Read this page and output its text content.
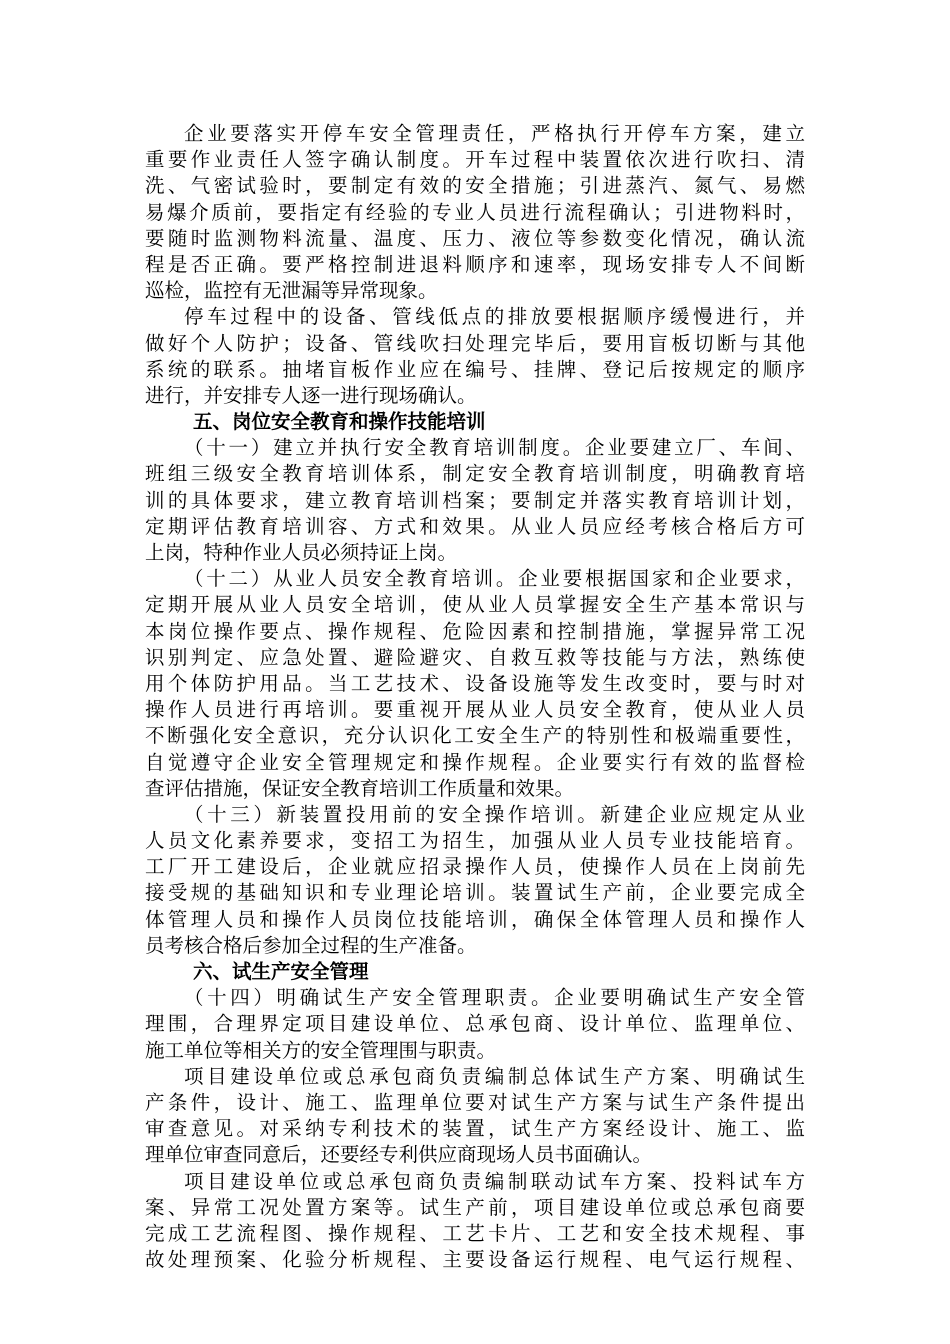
企业要落实开停车安全管理责任，严格执行开停车方案，建立
重要作业责任人签字确认制度。开车过程中装置依次进行吹扫、清
洗、气密试验时，要制定有效的安全措施；引进蒸汽、氮气、易燃
易爆介质前，要指定有经验的专业人员进行流程确认；引进物料时，
要随时监测物料流量、温度、压力、液位等参数变化情况，确认流
程是否正确。要严格控制进退料顺序和速率，现场安排专人不间断
巡检，监控有无泄漏等异常现象。
停车过程中的设备、管线低点的排放要根据顺序缓慢进行，并
做好个人防护；设备、管线吹扫处理完毕后，要用盲板切断与其他
系统的联系。抽堵盲板作业应在编号、挂牌、登记后按规定的顺序
进行，并安排专人逐一进行现场确认。
五、岗位安全教育和操作技能培训
（十一）建立并执行安全教育培训制度。企业要建立厂、车间、
班组三级安全教育培训体系，制定安全教育培训制度，明确教育培
训的具体要求，建立教育培训档案；要制定并落实教育培训计划，
定期评估教育培训容、方式和效果。从业人员应经考核合格后方可
上岗，特种作业人员必须持证上岗。
（十二）从业人员安全教育培训。企业要根据国家和企业要求，
定期开展从业人员安全培训，使从业人员掌握安全生产基本常识与
本岗位操作要点、操作规程、危险因素和控制措施，掌握异常工况
识别判定、应急处置、避险避灾、自救互救等技能与方法，熟练使
用个体防护用品。当工艺技术、设备设施等发生改变时，要与时对
操作人员进行再培训。要重视开展从业人员安全教育，使从业人员
不断强化安全意识，充分认识化工安全生产的特别性和极端重要性，
自觉遵守企业安全管理规定和操作规程。企业要实行有效的监督检
查评估措施，保证安全教育培训工作质量和效果。
（十三）新装置投用前的安全操作培训。新建企业应规定从业
人员文化素养要求，变招工为招生，加强从业人员专业技能培育。
工厂开工建设后，企业就应招录操作人员，使操作人员在上岗前先
接受规的基础知识和专业理论培训。装置试生产前，企业要完成全
体管理人员和操作人员岗位技能培训，确保全体管理人员和操作人
员考核合格后参加全过程的生产准备。
六、试生产安全管理
（十四）明确试生产安全管理职责。企业要明确试生产安全管
理围，合理界定项目建设单位、总承包商、设计单位、监理单位、
施工单位等相关方的安全管理围与职责。
项目建设单位或总承包商负责编制总体试生产方案、明确试生
产条件，设计、施工、监理单位要对试生产方案与试生产条件提出
审查意见。对采纳专利技术的装置，试生产方案经设计、施工、监
理单位审查同意后，还要经专利供应商现场人员书面确认。
项目建设单位或总承包商负责编制联动试车方案、投料试车方
案、异常工况处置方案等。试生产前，项目建设单位或总承包商要
完成工艺流程图、操作规程、工艺卡片、工艺和安全技术规程、事
故处理预案、化验分析规程、主要设备运行规程、电气运行规程、
